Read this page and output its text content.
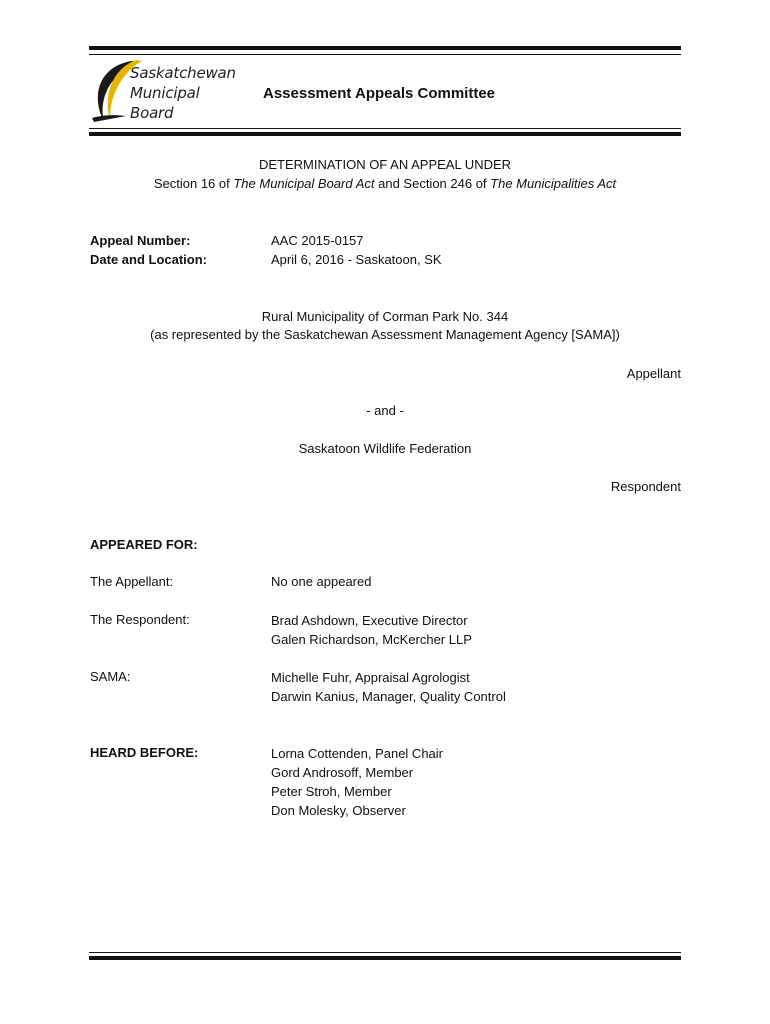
Saskatchewan
Municipal
Board
Assessment Appeals Committee
DETERMINATION OF AN APPEAL UNDER
Section 16 of The Municipal Board Act and Section 246 of The Municipalities Act
Appeal Number:	AAC 2015-0157
Date and Location:	April 6, 2016 - Saskatoon, SK
Rural Municipality of Corman Park No. 344
(as represented by the Saskatchewan Assessment Management Agency [SAMA])
Appellant
- and -
Saskatoon Wildlife Federation
Respondent
APPEARED FOR:
The Appellant:	No one appeared
The Respondent:	Brad Ashdown, Executive Director
Galen Richardson, McKercher LLP
SAMA:	Michelle Fuhr, Appraisal Agrologist
Darwin Kanius, Manager, Quality Control
HEARD BEFORE:	Lorna Cottenden, Panel Chair
Gord Androsoff, Member
Peter Stroh, Member
Don Molesky, Observer
